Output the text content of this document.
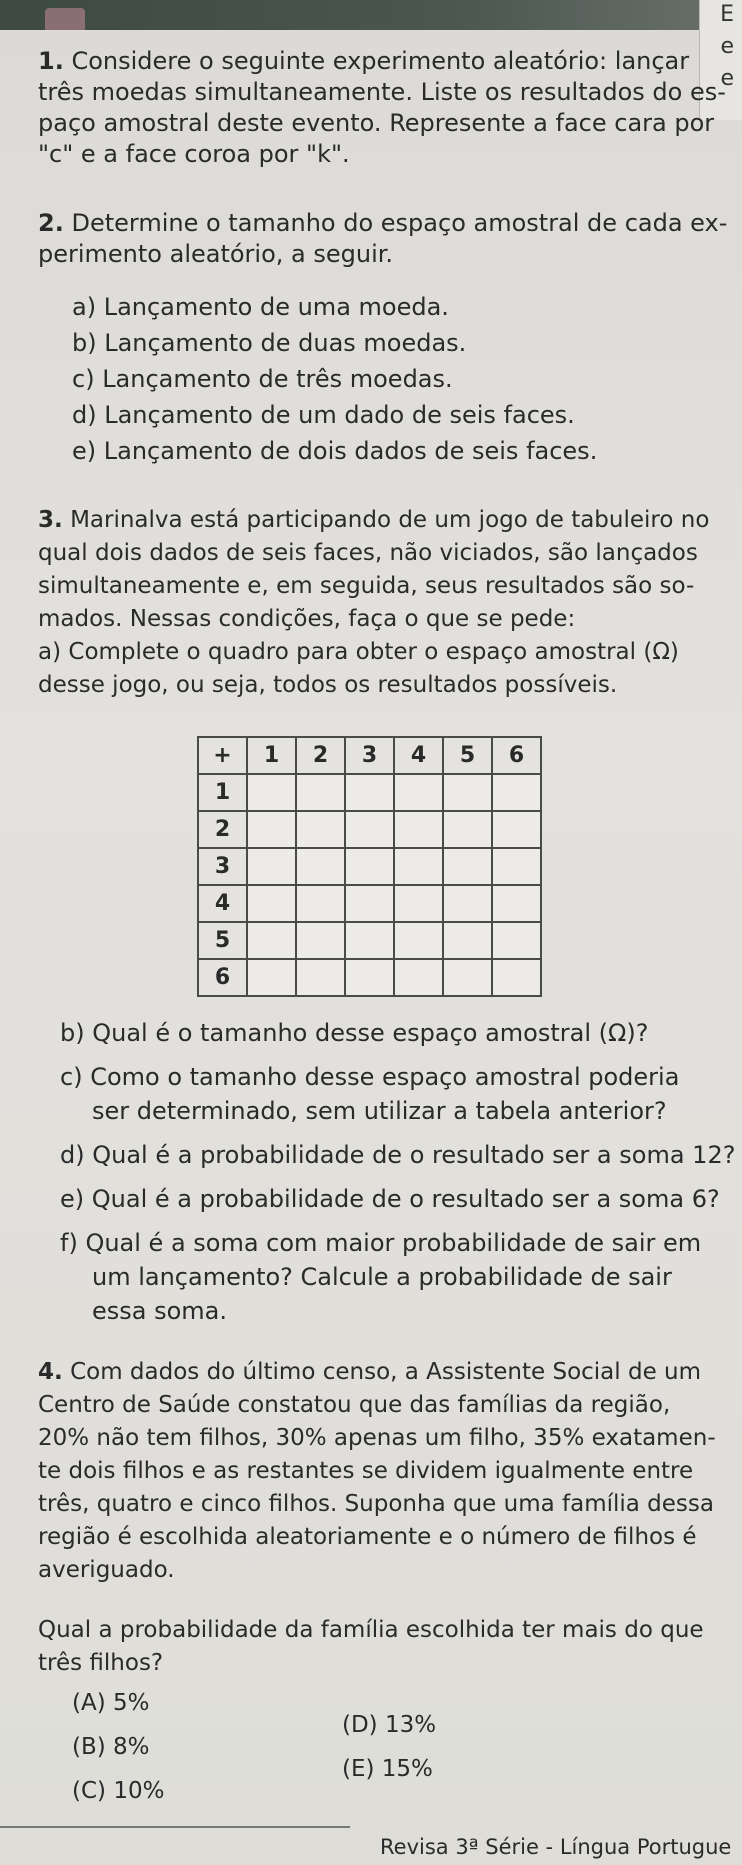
E
e
e
1. Considere o seguinte experimento aleatório: lançar
três moedas simultaneamente. Liste os resultados do es-
paço amostral deste evento. Represente a face cara por
"c" e a face coroa por "k".
2. Determine o tamanho do espaço amostral de cada ex-
perimento aleatório, a seguir.
a) Lançamento de uma moeda.
b) Lançamento de duas moedas.
c) Lançamento de três moedas.
d) Lançamento de um dado de seis faces.
e) Lançamento de dois dados de seis faces.
3. Marinalva está participando de um jogo de tabuleiro no
qual dois dados de seis faces, não viciados, são lançados
simultaneamente e, em seguida, seus resultados são so-
mados. Nessas condições, faça o que se pede:
a) Complete o quadro para obter o espaço amostral (Ω)
desse jogo, ou seja, todos os resultados possíveis.
+	1	2	3	4	5	6
1						
2						
3						
4						
5						
6						
b) Qual é o tamanho desse espaço amostral (Ω)?
c) Como o tamanho desse espaço amostral poderia
ser determinado, sem utilizar a tabela anterior?
d) Qual é a probabilidade de o resultado ser a soma 12?
e) Qual é a probabilidade de o resultado ser a soma 6?
f) Qual é a soma com maior probabilidade de sair em
um lançamento? Calcule a probabilidade de sair
essa soma.
4. Com dados do último censo, a Assistente Social de um
Centro de Saúde constatou que das famílias da região,
20% não tem filhos, 30% apenas um filho, 35% exatamen-
te dois filhos e as restantes se dividem igualmente entre
três, quatro e cinco filhos. Suponha que uma família dessa
região é escolhida aleatoriamente e o número de filhos é
averiguado.
Qual a probabilidade da família escolhida ter mais do que
três filhos?
(A) 5%
(B) 8%
(C) 10%
(D) 13%
(E) 15%
Revisa 3ª Série - Língua Portugue
